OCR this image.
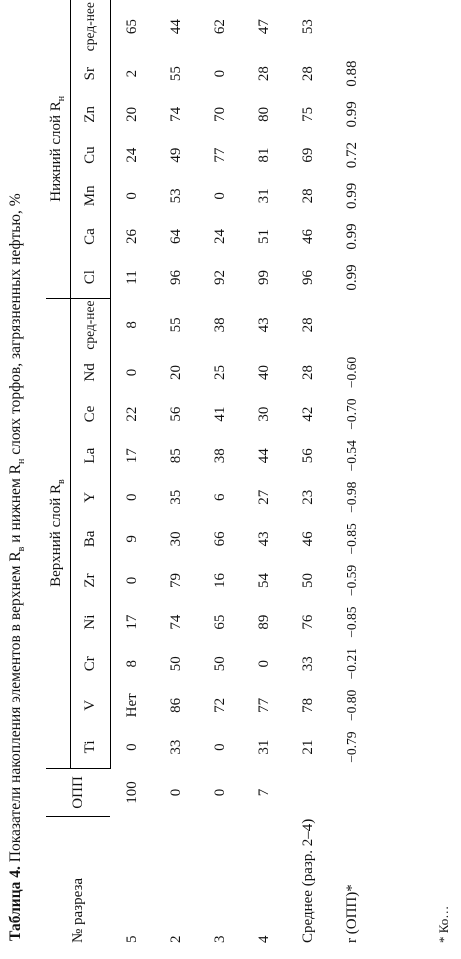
Таблица 4. Показатели накопления элементов в верхнем $R_в$ и нижнем $R_н$ слоях торфов, загрязненных нефтью, %
№ разреза	ОПП	Верхний слой $R_в$											Нижний слой $R_н$
		Ti	V	Cr	Ni	Zr	Ba	Y	La	Ce	Nd	сред-нее	Cl	Ca	Mn	Cu	Zn	Sr	сред-нее
5	100	0	Нет	8	17	0	9	0	17	22	0	8	11	26	0	24	20	2	65
2	0	33	86	50	74	79	30	35	85	56	20	55	96	64	53	49	74	55	44
3	0	0	72	50	65	16	66	6	38	41	25	38	92	24	0	77	70	0	62
4	7	31	77	0	89	54	43	27	44	30	40	43	99	51	31	81	80	28	47
Среднее (разр. 2–4)		21	78	33	76	50	46	23	56	42	28	28	96	46	28	69	75	28	53
r (ОПП)*		−0.79	−0.80	−0.21	−0.85	−0.59	−0.85	−0.98	−0.54	−0.70	−0.60		0.99	0.99	0.99	0.72	0.99	0.88	
* Ко…
